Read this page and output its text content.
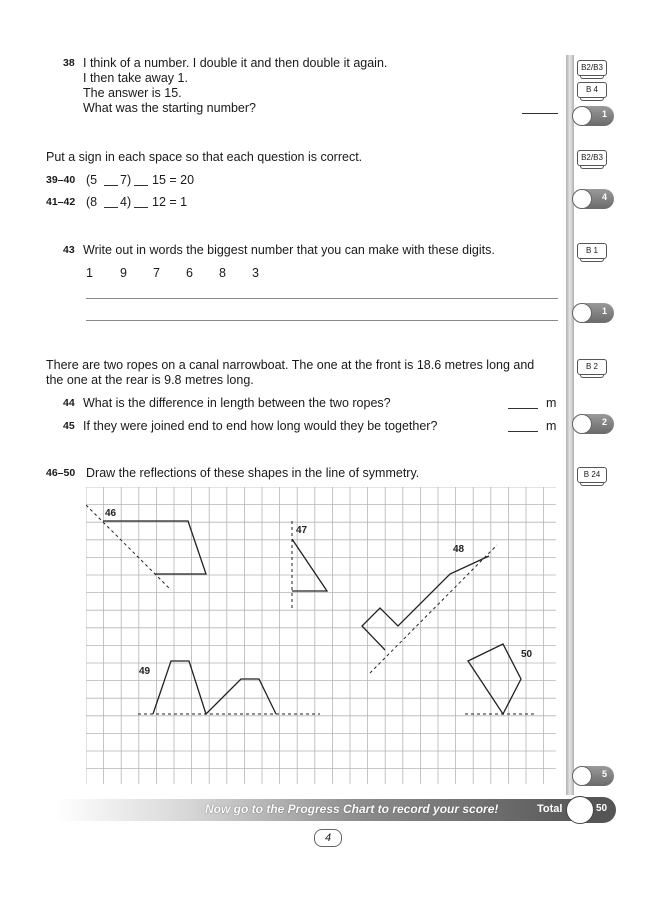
38 I think of a number. I double it and then double it again.
I then take away 1.
The answer is 15.
What was the starting number?
Put a sign in each space so that each question is correct.
39–40 (5 7) 15 = 20
41–42 (8 4) 12 = 1
43 Write out in words the biggest number that you can make with these digits.
1 9 7 6 8 3
There are two ropes on a canal narrowboat. The one at the front is 18.6 metres long and
the one at the rear is 9.8 metres long.
44 What is the difference in length between the two ropes?	m
45 If they were joined end to end how long would they be together?	m
46–50 Draw the reflections of these shapes in the line of symmetry.
46
47
48
49
50
B2/B3
B 4
B2/B3
B 1
B 2
B 24
1
4
1
2
5
Now go to the Progress Chart to record your score!	Total	50
4
